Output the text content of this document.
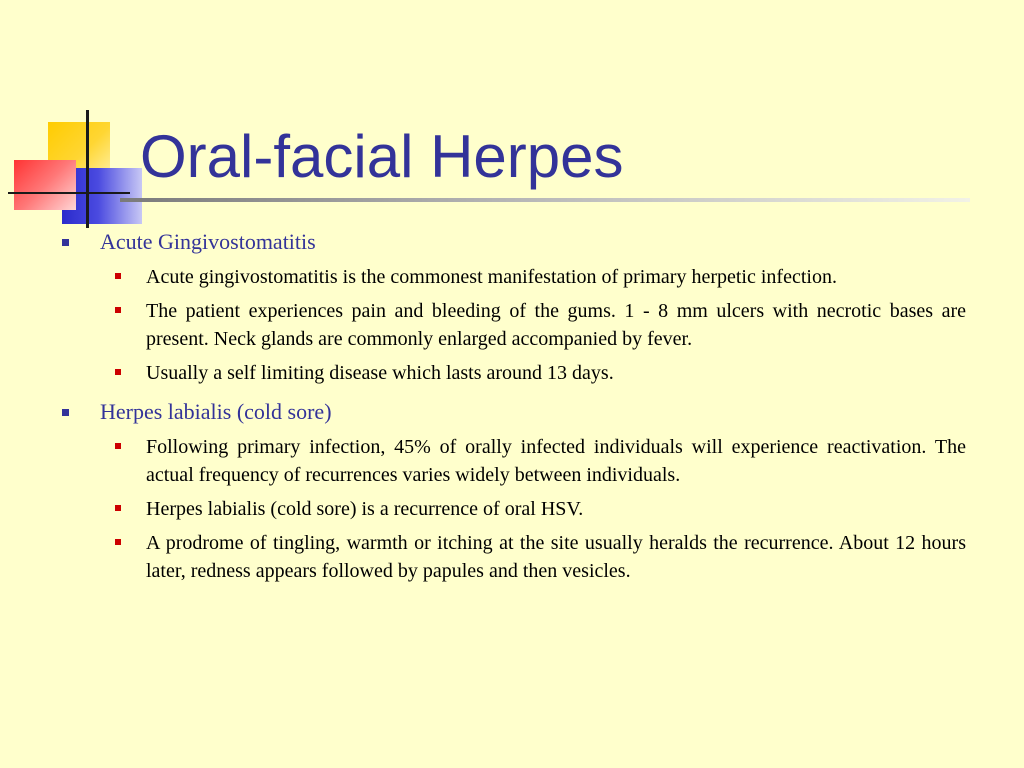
Oral-facial Herpes

Acute Gingivostomatitis

Acute gingivostomatitis is the commonest manifestation of primary herpetic infection.

The patient experiences pain and bleeding of the gums. 1 - 8 mm ulcers with necrotic bases are present. Neck glands are commonly enlarged accompanied by fever.

Usually a self limiting disease which lasts around 13 days.

Herpes labialis (cold sore)

Following primary infection, 45% of orally infected individuals will experience reactivation. The actual frequency of recurrences varies widely between individuals.

Herpes labialis (cold sore) is a recurrence of oral HSV.

A prodrome of tingling, warmth or itching at the site usually heralds the recurrence. About 12 hours later, redness appears followed by papules and then vesicles.
